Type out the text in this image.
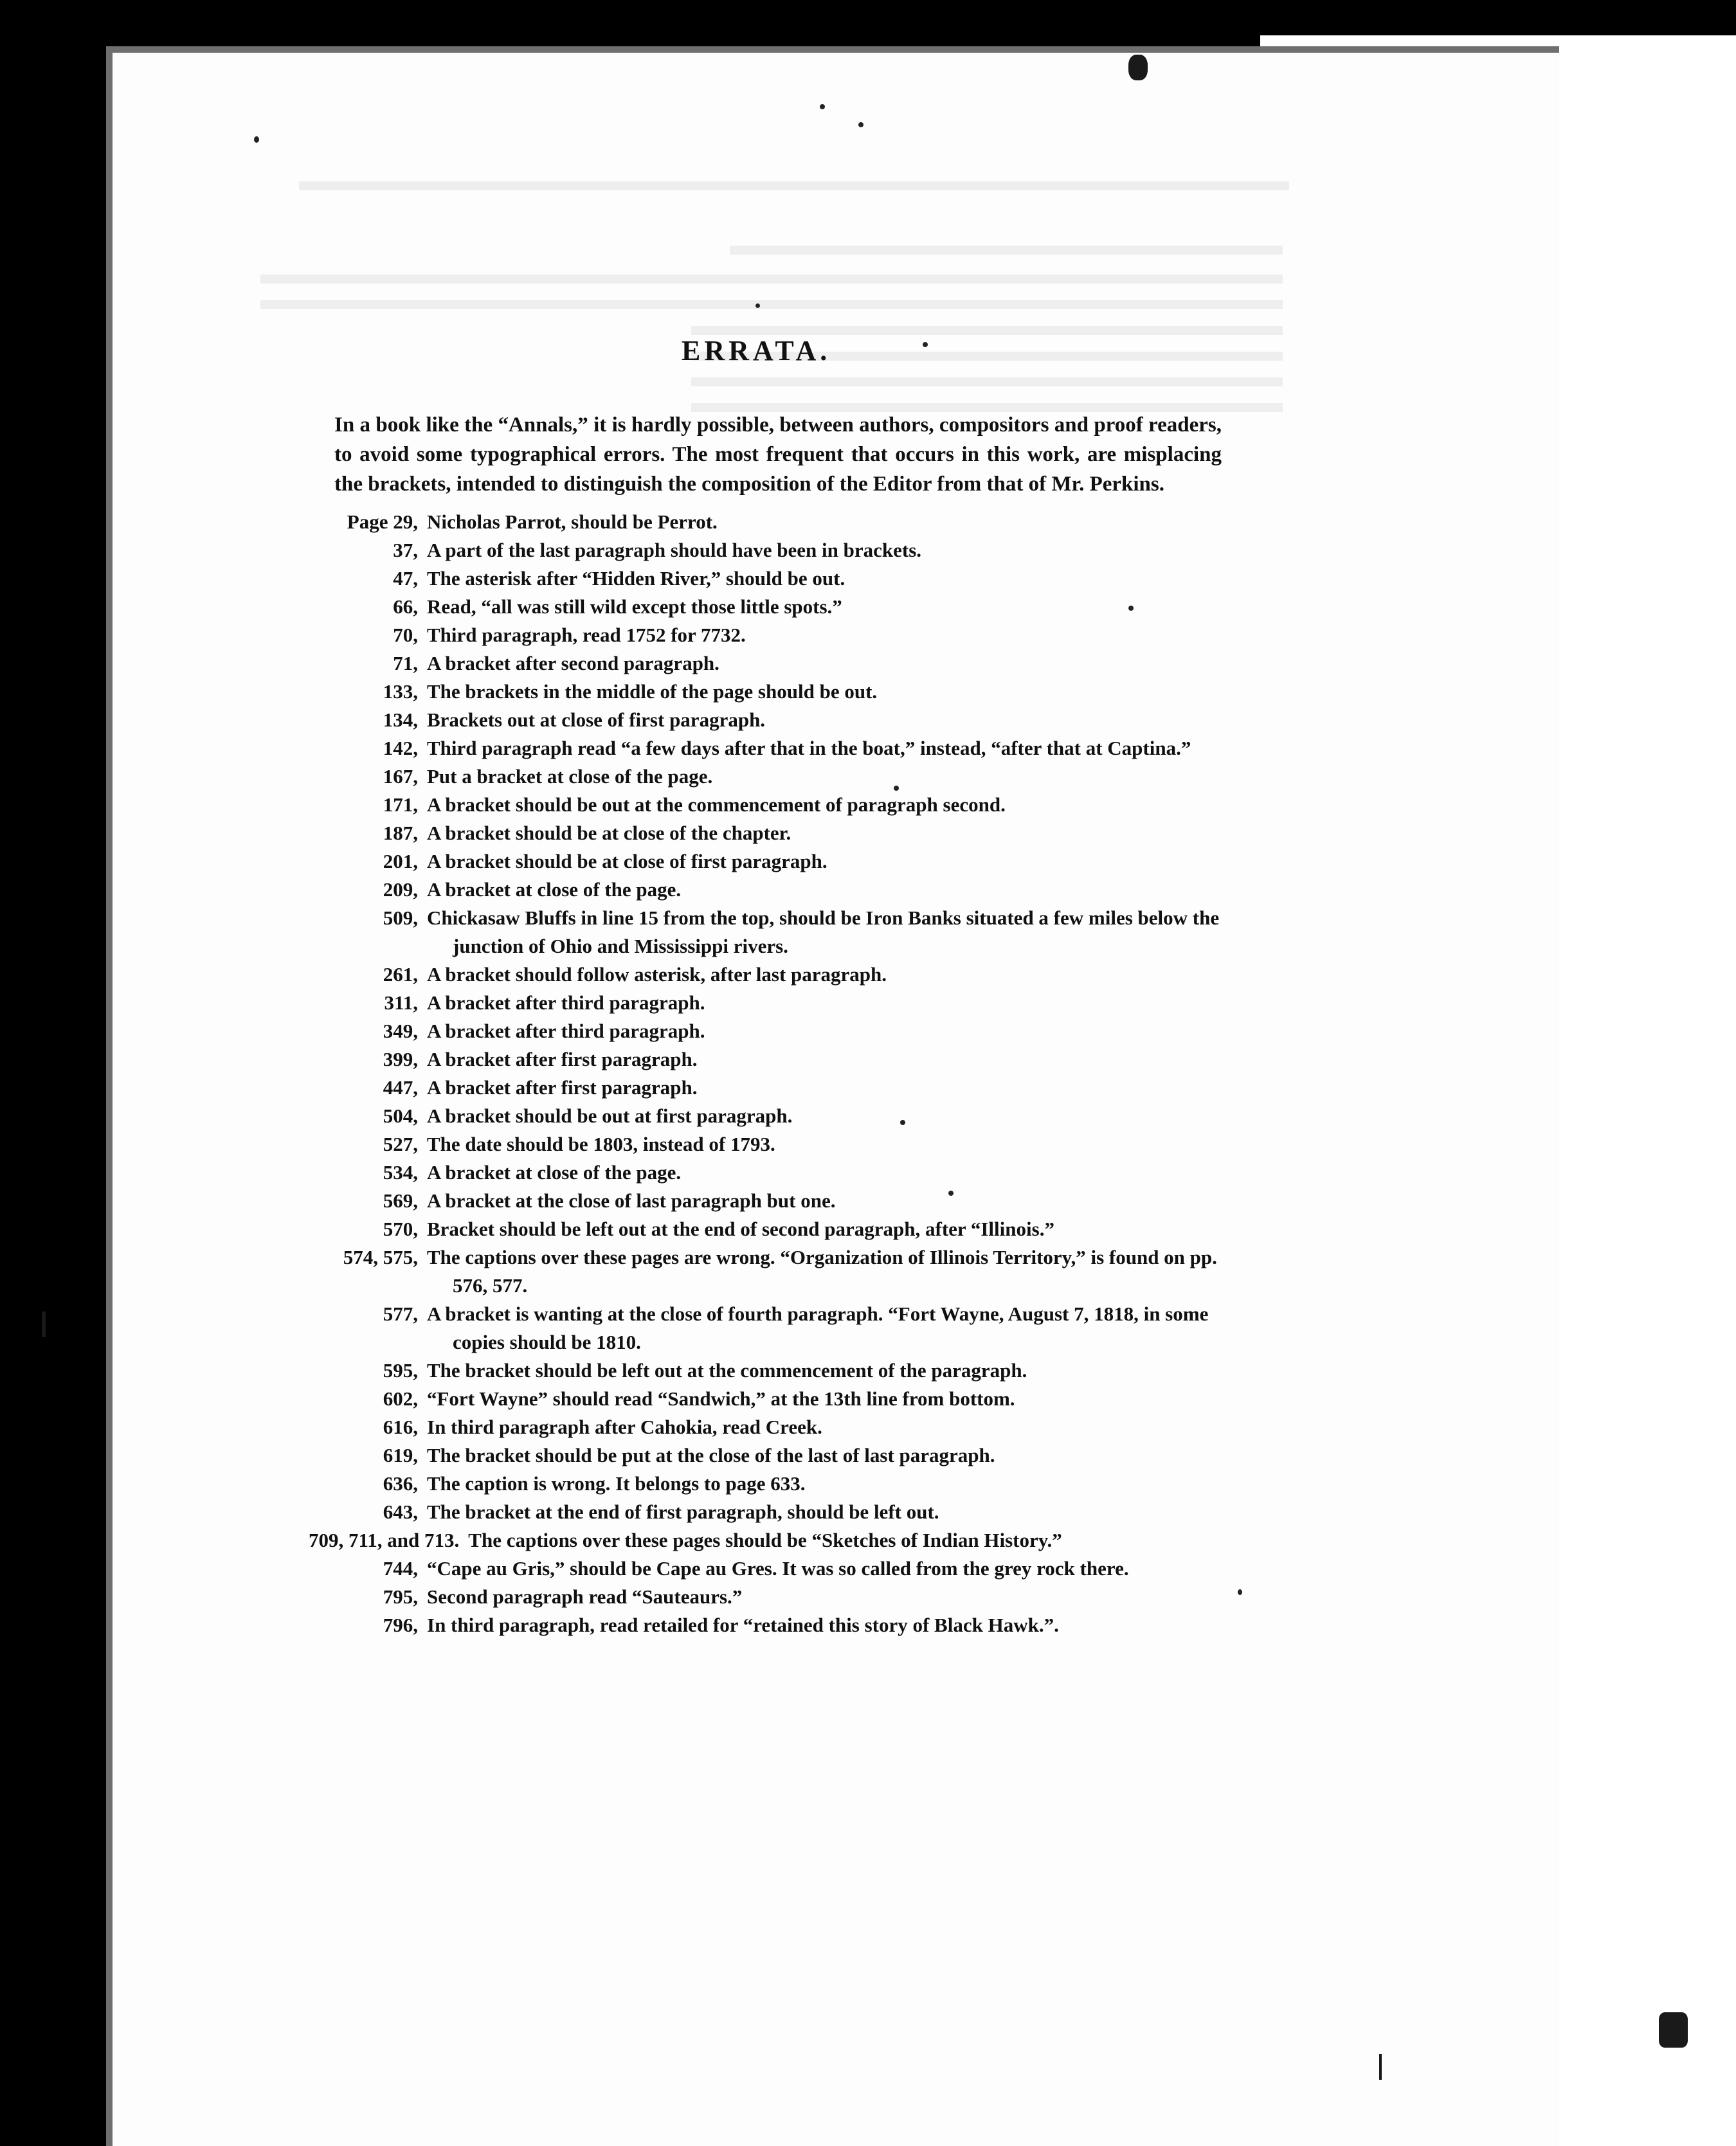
ERRATA.

In a book like the “Annals,” it is hardly possible, between authors, compositors and proof readers, to avoid some typographical errors. The most frequent that occurs in this work, are misplacing the brackets, intended to distinguish the composition of the Editor from that of Mr. Perkins.

Page 29, Nicholas Parrot, should be Perrot.
37, A part of the last paragraph should have been in brackets.
47, The asterisk after “Hidden River,” should be out.
66, Read, “all was still wild except those little spots.”
70, Third paragraph, read 1752 for 7732.
71, A bracket after second paragraph.
133, The brackets in the middle of the page should be out.
134, Brackets out at close of first paragraph.
142, Third paragraph read “a few days after that in the boat,” instead, “after that at Captina.”
167, Put a bracket at close of the page.
171, A bracket should be out at the commencement of paragraph second.
187, A bracket should be at close of the chapter.
201, A bracket should be at close of first paragraph.
209, A bracket at close of the page.
509, Chickasaw Bluffs in line 15 from the top, should be Iron Banks situated a few miles below the junction of Ohio and Mississippi rivers.
261, A bracket should follow asterisk, after last paragraph.
311, A bracket after third paragraph.
349, A bracket after third paragraph.
399, A bracket after first paragraph.
447, A bracket after first paragraph.
504, A bracket should be out at first paragraph.
527, The date should be 1803, instead of 1793.
534, A bracket at close of the page.
569, A bracket at the close of last paragraph but one.
570, Bracket should be left out at the end of second paragraph, after “Illinois.”
574, 575, The captions over these pages are wrong. “Organization of Illinois Territory,” is found on pp. 576, 577.
577, A bracket is wanting at the close of fourth paragraph. “Fort Wayne, August 7, 1818, in some copies should be 1810.
595, The bracket should be left out at the commencement of the paragraph.
602, “Fort Wayne” should read “Sandwich,” at the 13th line from bottom.
616, In third paragraph after Cahokia, read Creek.
619, The bracket should be put at the close of the last of last paragraph.
636, The caption is wrong. It belongs to page 633.
643, The bracket at the end of first paragraph, should be left out.
709, 711, and 713. The captions over these pages should be “Sketches of Indian History.”
744, “Cape au Gris,” should be Cape au Gres. It was so called from the grey rock there.
795, Second paragraph read “Sauteaurs.”
796, In third paragraph, read retailed for “retained this story of Black Hawk.”.
